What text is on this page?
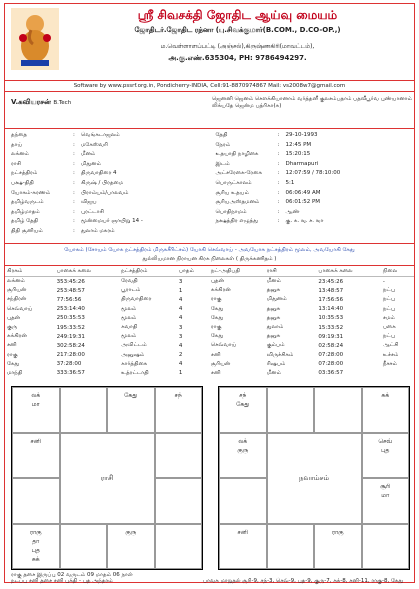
ஸ்ரீ சிவசக்தி ஜோதிட ஆய்வு மையம்
ஜோதிடர்.ஜோதிட ரத்னா (பு.சிவக்குமார்(B.COM., D.CO-OP.,)
ம.வெள்ளாளப்பட்டி (அஞ்சல்),கிருஷ்ணகிரி(மாவட்டம்),
அ.கு.எண்.635304, PH: 9786494297.
Software by www.pssrf.org.in, Pondicherry-INDIA, Cell:91-8870974867 Mail: vs2008w7@gmail.com
V.கவியரசன் B.Tech
ஜெனனி ஜெனம் சௌக்கியானாம் வர்த்தனீ குலசம்பதாம் பதவீபூர்வ புண்யானாம் லிக்யதே ஜென்ம பத்ரிகா(சு)
தந்தை	:	வெங்கடாஜலம்
தாய்	:	மகேஸ்வரி
லக்னம்	:	மீனம்
ராசி	:	மிதுனம்
நட்சத்திரம்	:	திருவாதிரை 4
பக்ஷ-திதி	:	கிருஷ் / பிரதமை
யோகம்-கரணம்	:	பிராம்யம்/பாலவம்
தமிழ்வருடம்	:	விஜய
தமிழ்மாதம்	:	புரட்டாசி
தமிழ் தேதி	:	மூன்மையர் ஞாயிறு 14 -
திதி சூனியம்	:	துலாம் மகரம்
தேதி	:	29-10-1993
நேரம்	:	12:45 PM
உதயாதி நாழிகை	:	15:20:15
இடம்	:	Dharmapuri
அட்சரேகை-ரேகை	:	12:07:59 / 78:10:00
பொருட்காலம்	:	5:1
சூரிய உதயம்	:	06:06:49 AM
சூரியஅஸ்தமனம்	:	06:01:52 PM
பொதிநாமம்	:	ஆண்
நக்ஷத்திர எழுத்து	:	கு. க. ஙு. ச. ஙா
யோகம் (சோயம் யோக நட்சத்திரம் மிருகசீரிட்சம்) யோகி செவ்வாய் - அவயோக நட்சத்திரம் மூலம், அவயோகி கேது
துல்லியமான நிராயன கிரக நிலைகள் ( திருக்கணிதம் )
கிரகம்	பாகைக் கலை	நட்சத்திரம்	பாதம்	நட்-அதிபதி	ராசி	பாகைக் கலை	நிலை
லக்னம்	353:45:26	ரேவதி	3	புதன்	மீனம்	23:45:26	-
சூரியன்	253:48:57	பூராடம்	1	சுக்கிரன்	தனுசு	13:48:57	நட்பு
சந்திரன்	77:56:56	திருவாதிரை	4	ராகு	மிதுனம்	17:56:56	நட்பு
செவ்வாய்	253:14:40	மூலம்	4	கேது	தனுசு	13:14:40	நட்பு
புதன்	250:35:53	மூலம்	4	கேது	தனுசு	10:35:53	சமம்
குரு	195:33:52	சுவாதி	3	ராகு	துலாம்	15:33:52	பகை
சுக்கிரன்	249:19:31	மூலம்	3	கேது	தனுசு	09:19:31	நட்பு
சனி	302:58:24	அவிட்டம்	4	செவ்வாய்	கும்பம்	02:58:24	ஆட்சி
ராகு	217:28:00	அனுஷம்	2	சனி	விருச்சிகம்	07:28:00	உச்சம்
கேது	37:28:00	கார்த்திகை	4	சூரியன்	ரிஷபம்	07:28:00	நீசசம்
மாந்தி	333:36:57	உத்ரட்டாதி	1	சனி	மீனம்	03:36:57	
லக்
மா
கேது	சந்
சனி
ராசி
ராகு
தா
புத
சுக்
குரு
சந்
கேது
சுக்
லக்
குரு
நவாம்சம்
செவ்
புத
சூரி
மா
சனி	ராகு
ராகு தசை இருப்பு 02 வருடம் 09 மாதம் 06 நாள்
நடப்பு சனி தசை சனி புக்தி - புத அந்தரம்	பாவக மாறுதல் சூரி-9, சந்-3, செவ்-9, புத-9, குரு-7, சுக்-8, சனி-11, ராகு-8, கேது
